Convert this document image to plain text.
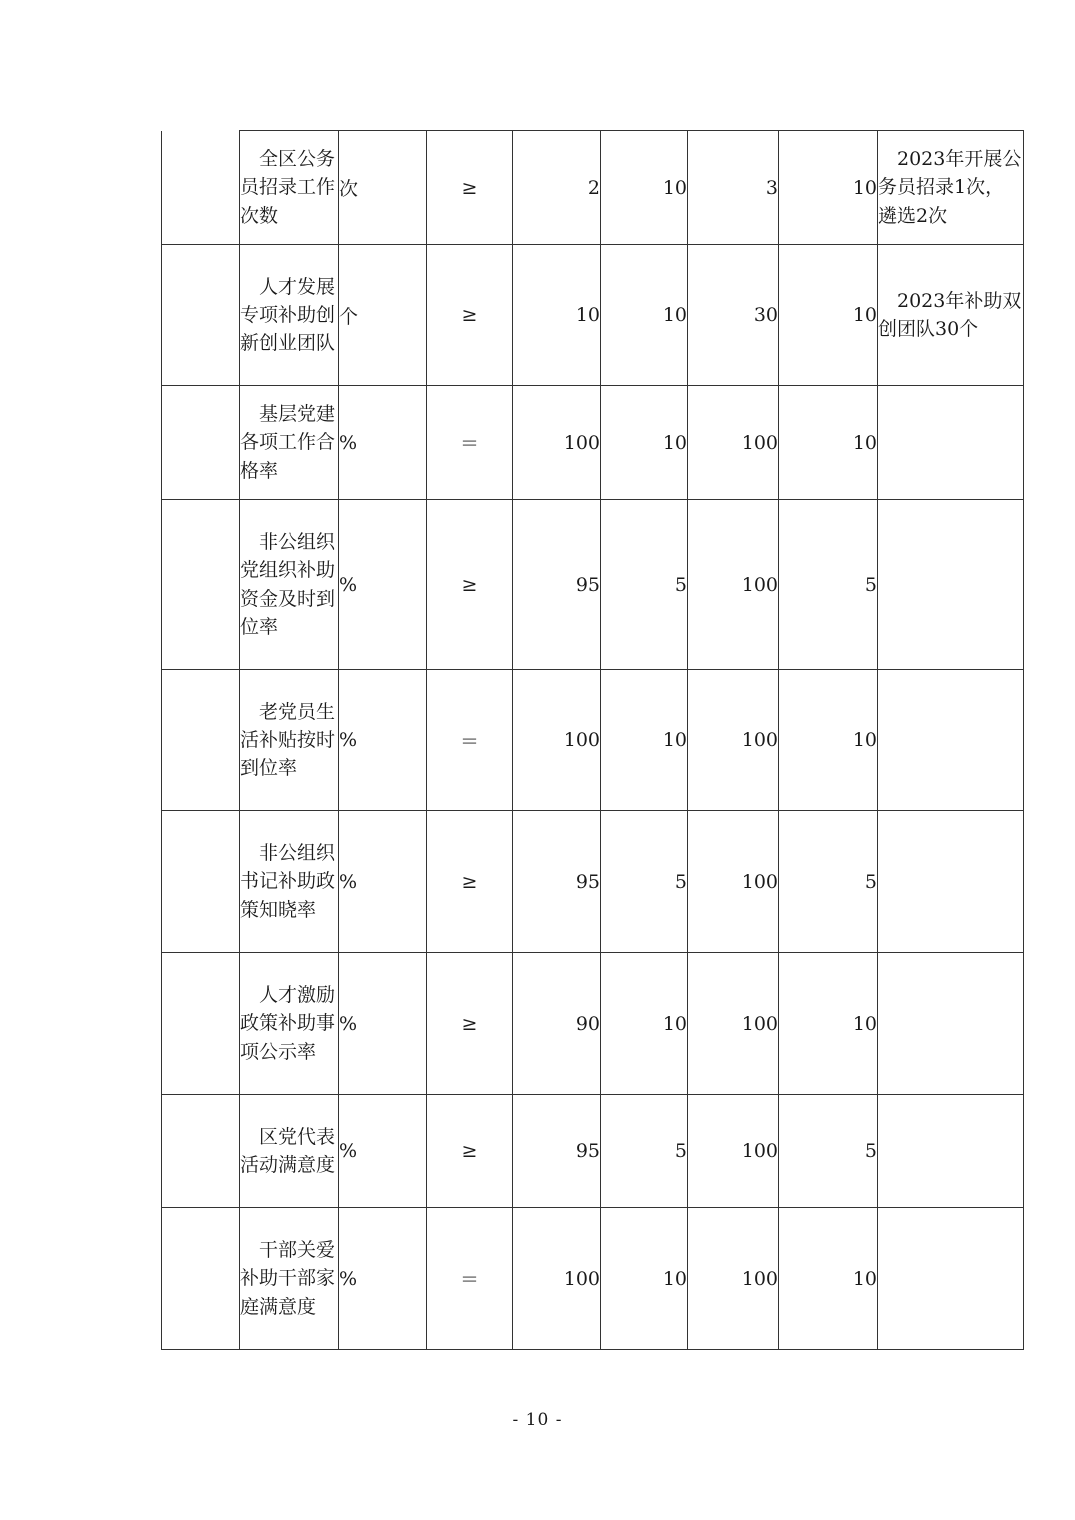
	全区公务员招录工作次数	次	≥	2	10	3	10	2023年开展公务员招录1次，遴选2次

	人才发展专项补助创新创业团队	个	≥	10	10	30	10	2023年补助双创团队30个

	基层党建各项工作合格率	%	＝	100	10	100	10	

	非公组织党组织补助资金及时到位率	%	≥	95	5	100	5	

	老党员生活补贴按时到位率	%	＝	100	10	100	10	

	非公组织书记补助政策知晓率	%	≥	95	5	100	5	

	人才激励政策补助事项公示率	%	≥	90	10	100	10	

	区党代表活动满意度	%	≥	95	5	100	5	

	干部关爱补助干部家庭满意度	%	＝	100	10	100	10	
- 10 -
